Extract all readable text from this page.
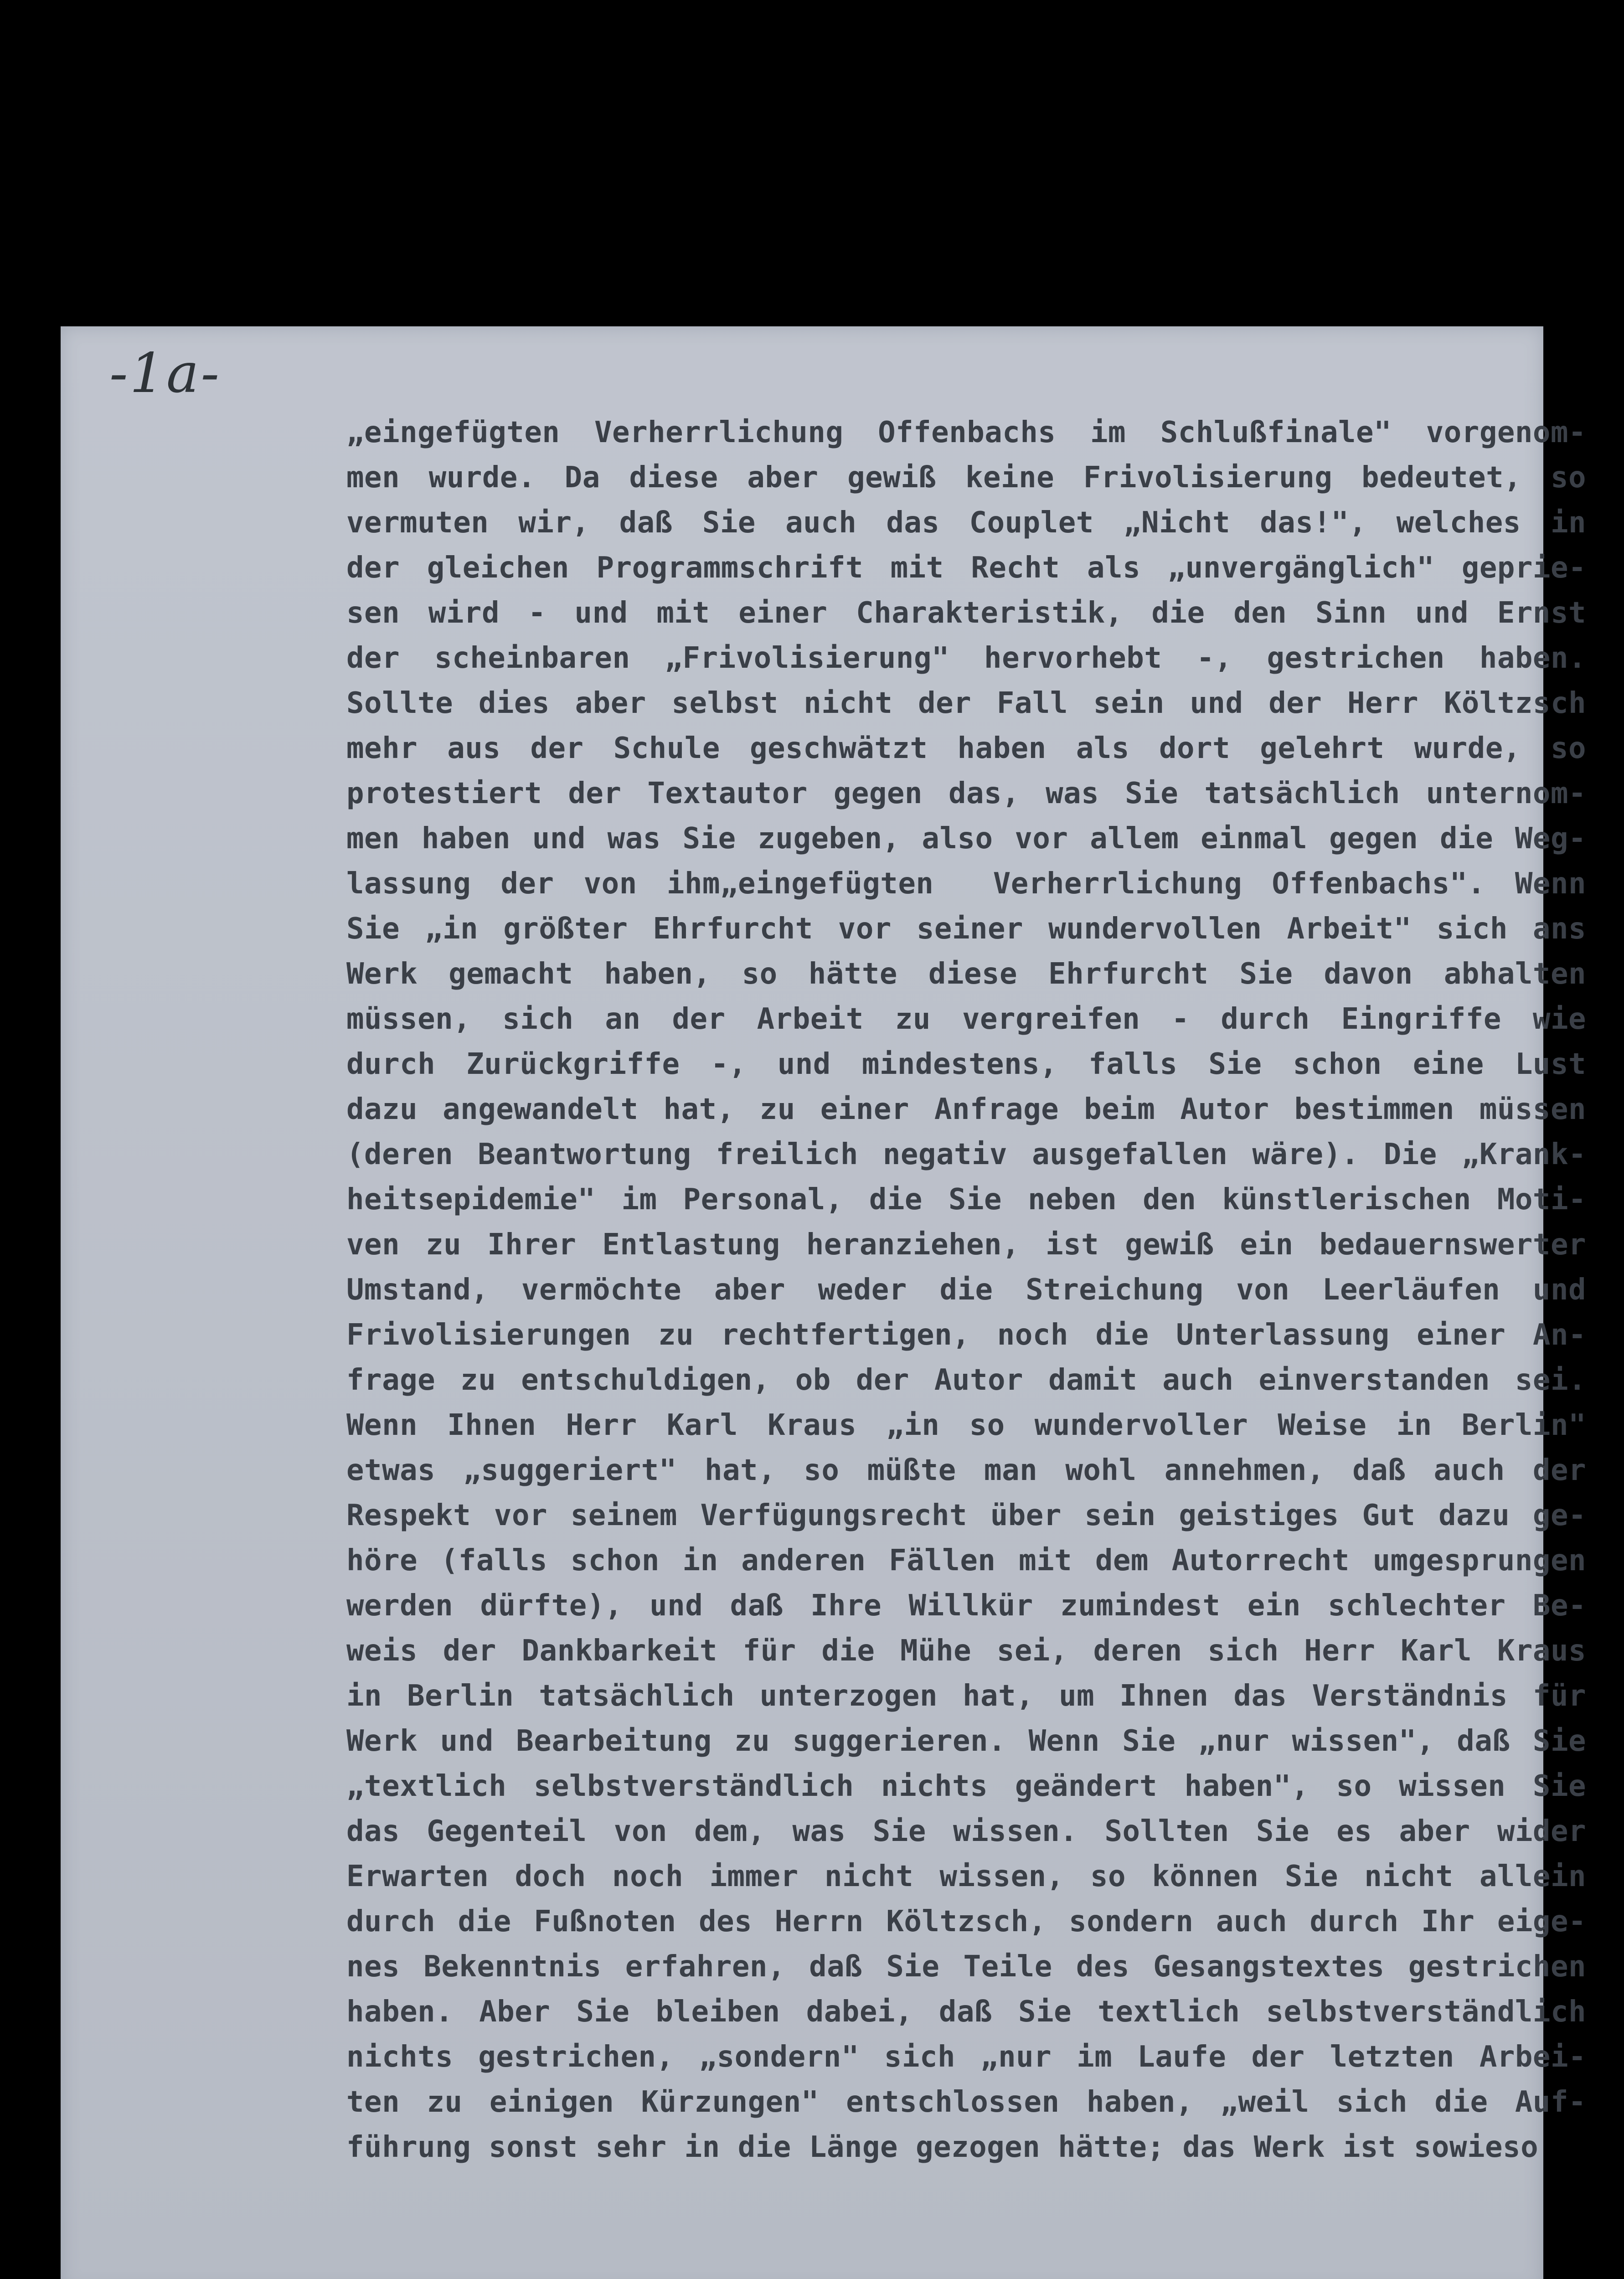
-1a-
„eingefügten Verherrlichung Offenbachs im Schlußfinale" vorgenom-
men wurde. Da diese aber gewiß keine Frivolisierung bedeutet, so
vermuten wir, daß Sie auch das Couplet „Nicht das!", welches in
der gleichen Programmschrift mit Recht als „unvergänglich" geprie-
sen wird - und mit einer Charakteristik, die den Sinn und Ernst
der scheinbaren „Frivolisierung" hervorhebt -, gestrichen haben.
Sollte dies aber selbst nicht der Fall sein und der Herr Költzsch
mehr aus der Schule geschwätzt haben als dort gelehrt wurde, so
protestiert der Textautor gegen das, was Sie tatsächlich unternom-
men haben und was Sie zugeben, also vor allem einmal gegen die Weg-
lassung der von ihm„eingefügten  Verherrlichung Offenbachs". Wenn
Sie „in größter Ehrfurcht vor seiner wundervollen Arbeit" sich ans
Werk gemacht haben, so hätte diese Ehrfurcht Sie davon abhalten
müssen, sich an der Arbeit zu vergreifen - durch Eingriffe wie
durch Zurückgriffe -, und mindestens, falls Sie schon eine Lust
dazu angewandelt hat, zu einer Anfrage beim Autor bestimmen müssen
(deren Beantwortung freilich negativ ausgefallen wäre). Die „Krank-
heitsepidemie" im Personal, die Sie neben den künstlerischen Moti-
ven zu Ihrer Entlastung heranziehen, ist gewiß ein bedauernswerter
Umstand, vermöchte aber weder die Streichung von Leerläufen und
Frivolisierungen zu rechtfertigen, noch die Unterlassung einer An-
frage zu entschuldigen, ob der Autor damit auch einverstanden sei.
Wenn Ihnen Herr Karl Kraus „in so wundervoller Weise in Berlin"
etwas „suggeriert" hat, so müßte man wohl annehmen, daß auch der
Respekt vor seinem Verfügungsrecht über sein geistiges Gut dazu ge-
höre (falls schon in anderen Fällen mit dem Autorrecht umgesprungen
werden dürfte), und daß Ihre Willkür zumindest ein schlechter Be-
weis der Dankbarkeit für die Mühe sei, deren sich Herr Karl Kraus
in Berlin tatsächlich unterzogen hat, um Ihnen das Verständnis für
Werk und Bearbeitung zu suggerieren. Wenn Sie „nur wissen", daß Sie
„textlich selbstverständlich nichts geändert haben", so wissen Sie
das Gegenteil von dem, was Sie wissen. Sollten Sie es aber wider
Erwarten doch noch immer nicht wissen, so können Sie nicht allein
durch die Fußnoten des Herrn Költzsch, sondern auch durch Ihr eige-
nes Bekenntnis erfahren, daß Sie Teile des Gesangstextes gestrichen
haben. Aber Sie bleiben dabei, daß Sie textlich selbstverständlich
nichts gestrichen, „sondern" sich „nur im Laufe der letzten Arbei-
ten zu einigen Kürzungen" entschlossen haben, „weil sich die Auf-
führung sonst sehr in die Länge gezogen hätte; das Werk ist sowieso
